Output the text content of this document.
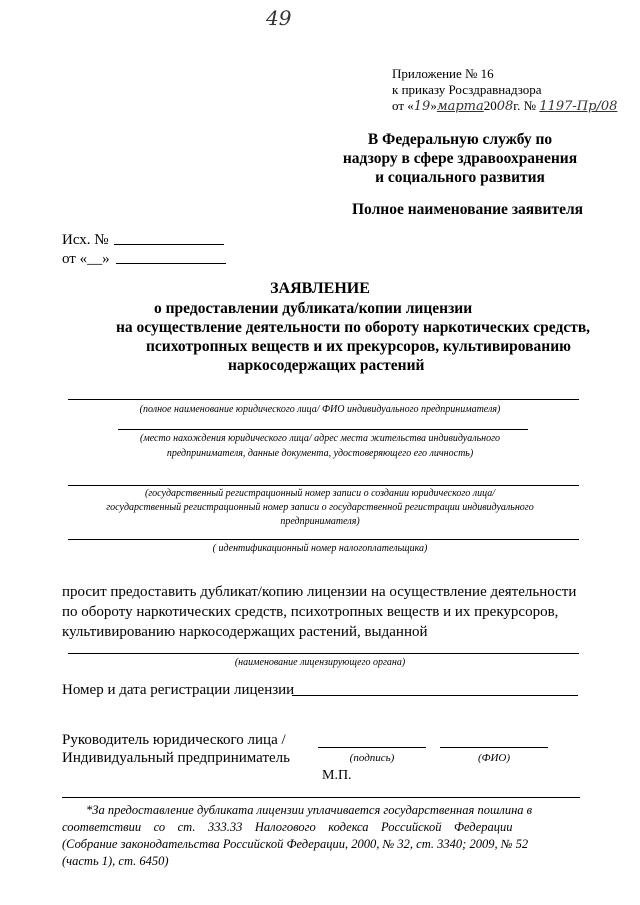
49
Приложение № 16
к приказу Росздравнадзора
от «19»марта2008г. № 1197-Пр/08
В Федеральную службу по
надзору в сфере здравоохранения
и социального развития
Полное наименование заявителя
Исх. №
от «__»
ЗАЯВЛЕНИЕ
о предоставлении дубликата/копии лицензии
на осуществление деятельности по обороту наркотических средств,
психотропных веществ и их прекурсоров, культивированию
наркосодержащих растений
(полное наименование юридического лица/ ФИО индивидуального предпринимателя)
(место нахождения юридического лица/ адрес места жительства индивидуального
предпринимателя, данные документа, удостоверяющего его личность)
(государственный регистрационный номер записи о создании юридического лица/
государственный регистрационный номер записи о государственной регистрации индивидуального
предпринимателя)
( идентификационный номер налогоплательщика)
просит предоставить дубликат/копию лицензии на осуществление деятельности
по обороту наркотических средств, психотропных веществ и их прекурсоров,
культивированию наркосодержащих растений, выданной
(наименование лицензирующего органа)
Номер и дата регистрации лицензии
Руководитель юридического лица /
Индивидуальный предприниматель	(подпись)	(ФИО)
М.П.
*За предоставление дубликата лицензии уплачивается государственная пошлина в
соответствии    со    ст.    333.33    Налогового    кодекса    Российской    Федерации
(Собрание законодательства Российской Федерации, 2000, № 32, ст. 3340; 2009, № 52
(часть 1), ст. 6450)
